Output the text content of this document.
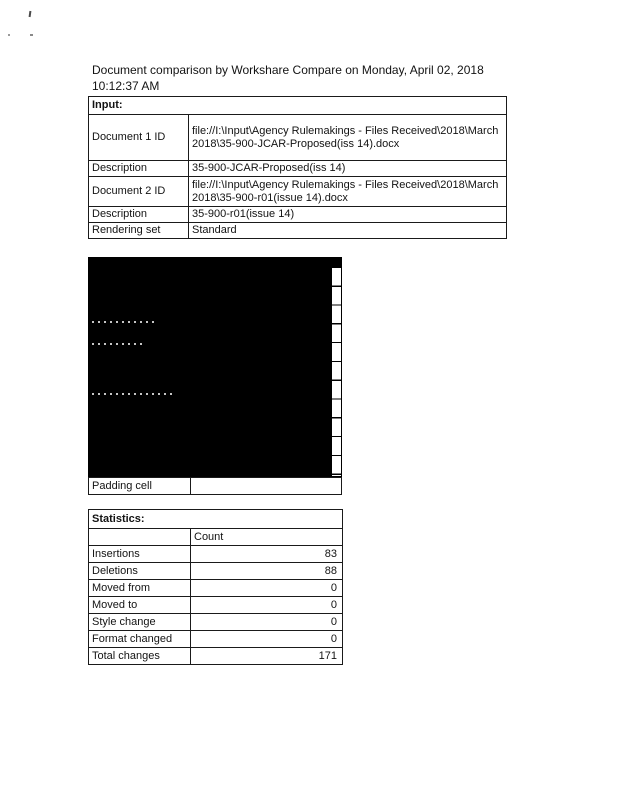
Document comparison by Workshare Compare on Monday, April 02, 2018
10:12:37 AM
Input:	
Document 1 ID	file://I:\Input\Agency Rulemakings - Files Received\2018\March 2018\35-900-JCAR-Proposed(iss 14).docx
Description	35-900-JCAR-Proposed(iss 14)
Document 2 ID	file://I:\Input\Agency Rulemakings - Files Received\2018\March 2018\35-900-r01(issue 14).docx
Description	35-900-r01(issue 14)
Rendering set	Standard
Padding cell
Statistics:	
	Count
Insertions	83
Deletions	88
Moved from	0
Moved to	0
Style change	0
Format changed	0
Total changes	171
